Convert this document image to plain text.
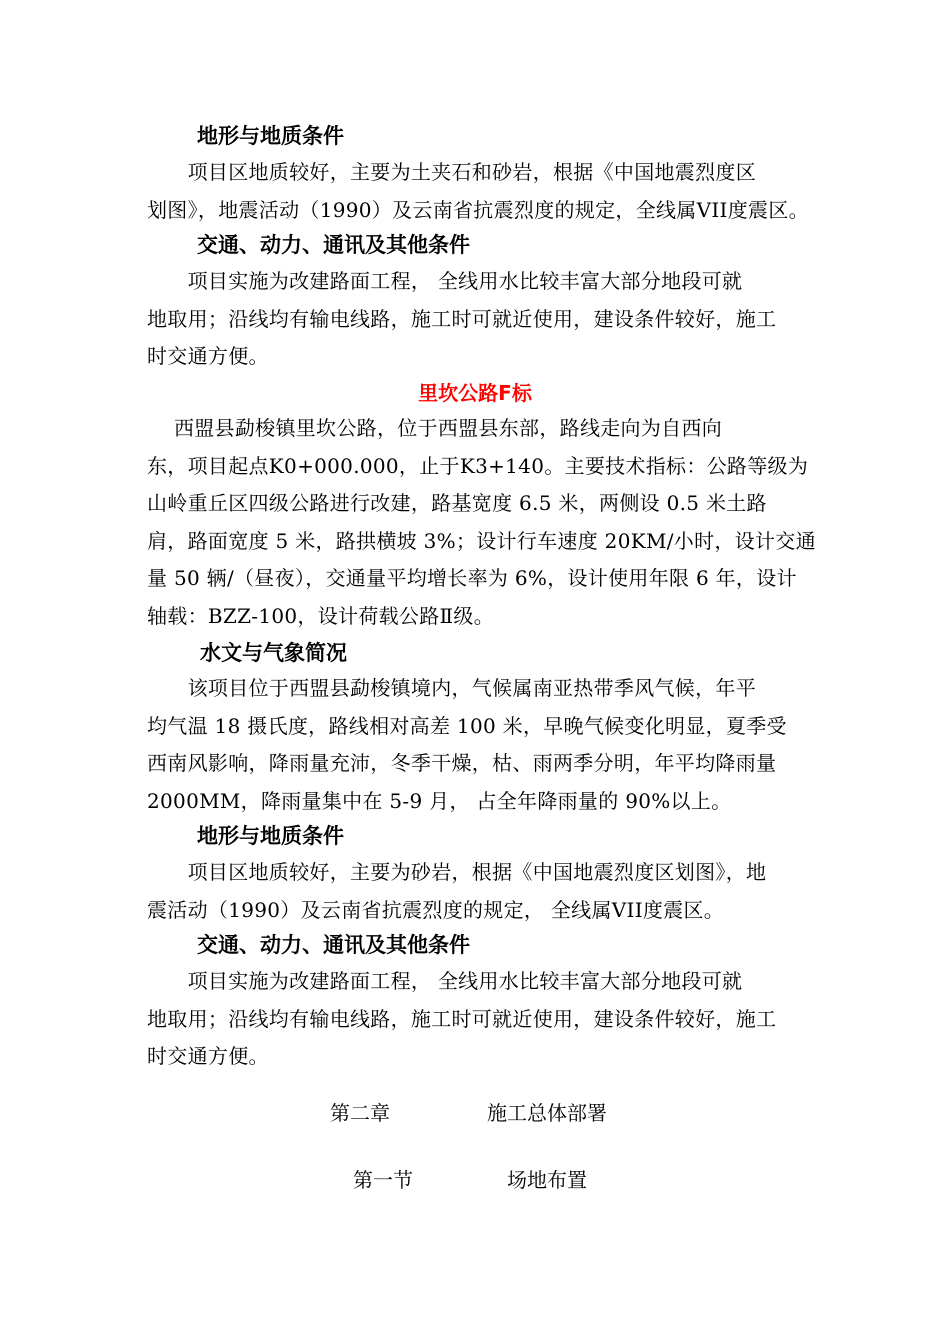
地形与地质条件
　　项目区地质较好，主要为土夹石和砂岩，根据《中国地震烈度区
划图》，地震活动（1990）及云南省抗震烈度的规定，全线属VII度震区。
交通、动力、通讯及其他条件
　　项目实施为改建路面工程， 全线用水比较丰富大部分地段可就
地取用；沿线均有输电线路，施工时可就近使用，建设条件较好，施工
时交通方便。
里坎公路F标
　 西盟县勐梭镇里坎公路，位于西盟县东部，路线走向为自西向
东，项目起点K0+000.000，止于K3+140。主要技术指标：公路等级为
山岭重丘区四级公路进行改建，路基宽度 6.5 米，两侧设 0.5 米土路
肩，路面宽度 5 米，路拱横坡 3%；设计行车速度 20KM/小时，设计交通
量 50 辆/（昼夜），交通量平均增长率为 6%，设计使用年限 6 年，设计
轴载：BZZ-100，设计荷载公路Ⅱ级。
水文与气象简况
　　该项目位于西盟县勐梭镇境内，气候属南亚热带季风气候，年平
均气温 18 摄氏度，路线相对高差 100 米，早晚气候变化明显，夏季受
西南风影响，降雨量充沛，冬季干燥，枯、雨两季分明，年平均降雨量
2000MM，降雨量集中在 5-9 月， 占全年降雨量的 90%以上。
地形与地质条件
　　项目区地质较好，主要为砂岩，根据《中国地震烈度区划图》，地
震活动（1990）及云南省抗震烈度的规定， 全线属VII度震区。
交通、动力、通讯及其他条件
　　项目实施为改建路面工程， 全线用水比较丰富大部分地段可就
地取用；沿线均有输电线路，施工时可就近使用，建设条件较好，施工
时交通方便。
第二章	施工总体部署
第一节	场地布置
